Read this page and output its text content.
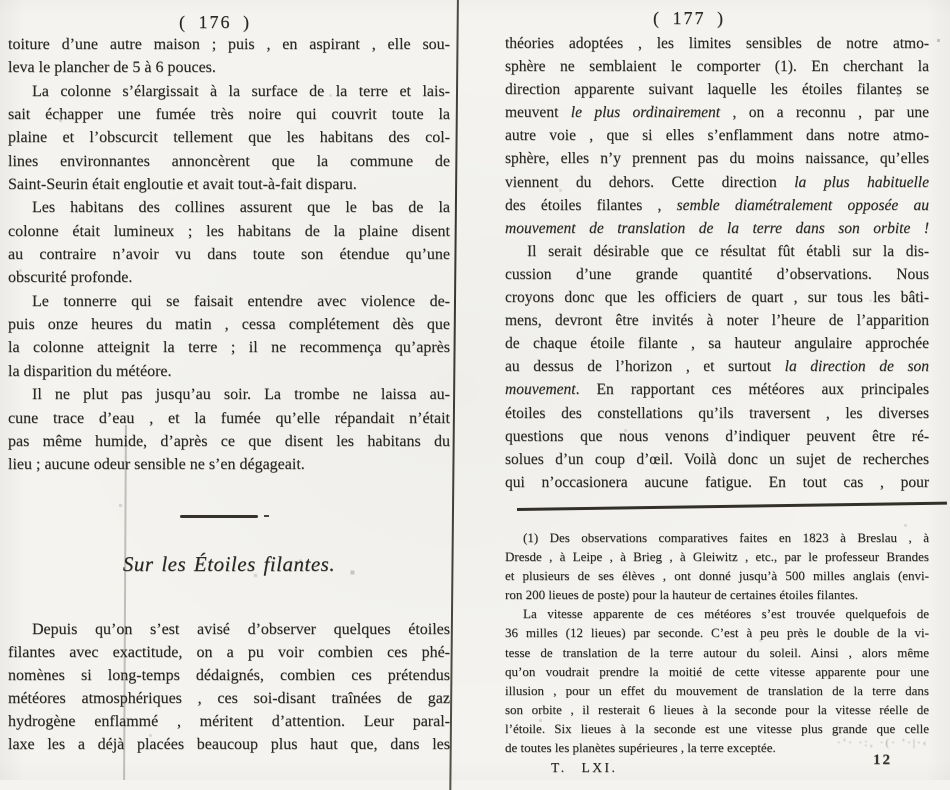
( 176 )
toiture d’une autre maison ; puis , en aspirant , elle sou-
leva le plancher de 5 à 6 pouces.
La colonne s’élargissait à la surface de la terre et lais-
sait échapper une fumée très noire qui couvrit toute la
plaine et l’obscurcit tellement que les habitans des col-
lines environnantes annoncèrent que la commune de
Saint-Seurin était engloutie et avait tout-à-fait disparu.
Les habitans des collines assurent que le bas de la
colonne était lumineux ; les habitans de la plaine disent
au contraire n’avoir vu dans toute son étendue qu’une
obscurité profonde.
Le tonnerre qui se faisait entendre avec violence de-
puis onze heures du matin , cessa complétement dès que
la colonne atteignit la terre ; il ne recommença qu’après
la disparition du météore.
Il ne plut pas jusqu’au soir. La trombe ne laissa au-
cune trace d’eau , et la fumée qu’elle répandait n’était
pas même humide, d’après ce que disent les habitans du
lieu ; aucune odeur sensible ne s’en dégageait.
Sur les Étoiles filantes.
Depuis qu’on s’est avisé d’observer quelques étoiles
filantes avec exactitude, on a pu voir combien ces phé-
nomènes si long-temps dédaignés, combien ces prétendus
météores atmosphériques , ces soi-disant traînées de gaz
hydrogène enflammé , méritent d’attention. Leur paral-
laxe les a déjà placées beaucoup plus haut que, dans les
( 177 )
théories adoptées , les limites sensibles de notre atmo-
sphère ne semblaient le comporter (1). En cherchant la
direction apparente suivant laquelle les étoiles filantes se
meuvent le plus ordinairement , on a reconnu , par une
autre voie , que si elles s’enflamment dans notre atmo-
sphère, elles n’y prennent pas du moins naissance, qu’elles
viennent du dehors. Cette direction la plus habituelle
des étoiles filantes , semble diamétralement opposée au
mouvement de translation de la terre dans son orbite !
Il serait désirable que ce résultat fût établi sur la dis-
cussion d’une grande quantité d’observations. Nous
croyons donc que les officiers de quart , sur tous les bâti-
mens, devront être invités à noter l’heure de l’apparition
de chaque étoile filante , sa hauteur angulaire approchée
au dessus de l’horizon , et surtout la direction de son
mouvement. En rapportant ces météores aux principales
étoiles des constellations qu’ils traversent , les diverses
questions que nous venons d’indiquer peuvent être ré-
solues d’un coup d’œil. Voilà donc un sujet de recherches
qui n’occasionera aucune fatigue. En tout cas , pour
(1) Des observations comparatives faites en 1823 à Breslau , à
Dresde , à Leipe , à Brieg , à Gleiwitz , etc., par le professeur Brandes
et plusieurs de ses élèves , ont donné jusqu’à 500 milles anglais (envi-
ron 200 lieues de poste) pour la hauteur de certaines étoiles filantes.
La vitesse apparente de ces météores s’est trouvée quelquefois de
36 milles (12 lieues) par seconde. C’est à peu près le double de la vi-
tesse de translation de la terre autour du soleil. Ainsi , alors même
qu’on voudrait prendre la moitié de cette vitesse apparente pour une
illusion , pour un effet du mouvement de translation de la terre dans
son orbite , il resterait 6 lieues à la seconde pour la vitesse réelle de
l’étoile. Six lieues à la seconde est une vitesse plus grande que celle
de toutes les planètes supérieures , la terre exceptée.	·’· ·:‚ ·(· ’·|·‹
T. LXI.	12
